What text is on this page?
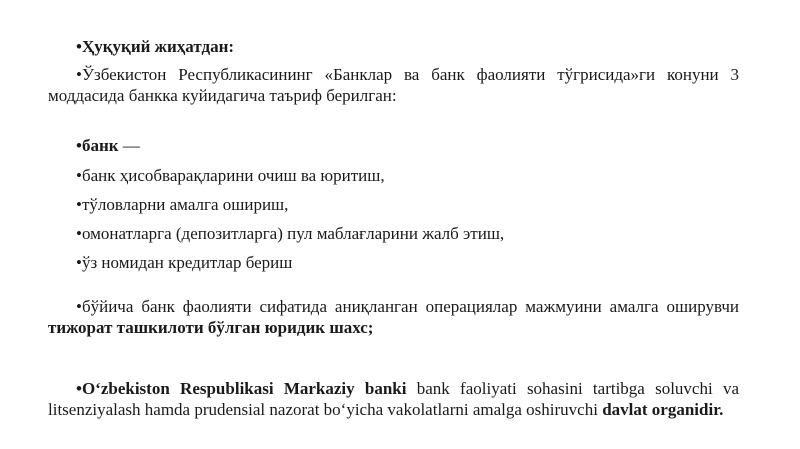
•Ҳуқуқий жиҳатдан:

•Ўзбекистон Республикасининг «Банклар ва банк фаолияти тўгрисида»ги конуни 3 моддасида банкка куйидагича таъриф берилган:

•банк —

•банк ҳисобварақларини очиш ва юритиш,

•тўловларни амалга ошириш,

•омонатларга (депозитларга) пул маблағларини жалб этиш,

•ўз номидан кредитлар бериш

•бўйича банк фаолияти сифатида аниқланган операциялар мажмуини амалга оширувчи тижорат ташкилоти бўлган юридик шахс;

•O‘zbekiston Respublikasi Markaziy banki bank faoliyati sohasini tartibga soluvchi va litsenziyalash hamda prudensial nazorat bo‘yicha vakolatlarni amalga oshiruvchi davlat organidir.
